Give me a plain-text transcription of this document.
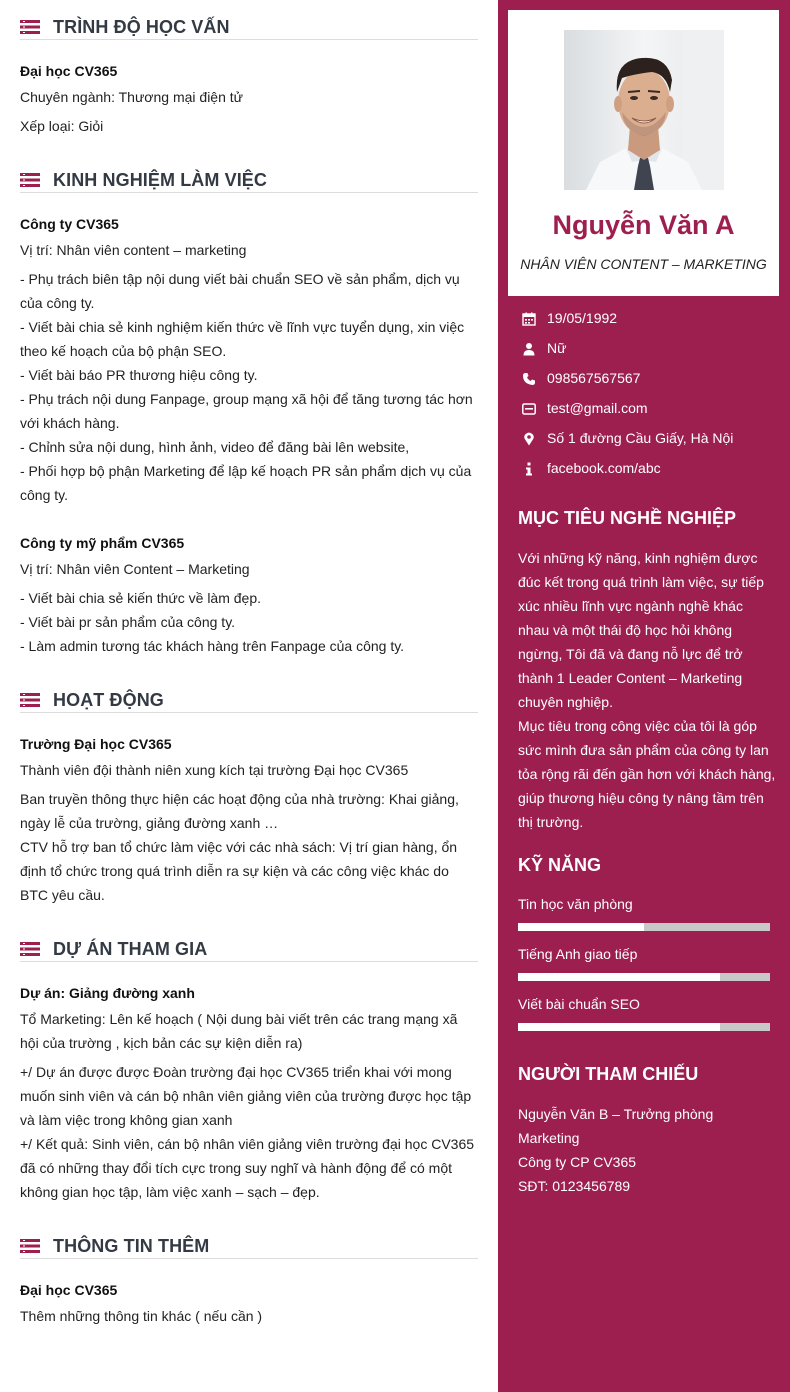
TRÌNH ĐỘ HỌC VẤN
Đại học CV365
Chuyên ngành: Thương mại điện tử
Xếp loại: Giỏi
KINH NGHIỆM LÀM VIỆC
Công ty CV365
Vị trí: Nhân viên content – marketing
- Phụ trách biên tập nội dung viết bài chuẩn SEO về sản phẩm, dịch vụ của công ty.
- Viết bài chia sẻ kinh nghiệm kiến thức về lĩnh vực tuyển dụng, xin việc theo kế hoạch của bộ phận SEO.
- Viết bài báo PR thương hiệu công ty.
- Phụ trách nội dung Fanpage, group mạng xã hội để tăng tương tác hơn với khách hàng.
- Chỉnh sửa nội dung, hình ảnh, video để đăng bài lên website,
- Phối hợp bộ phận Marketing để lập kế hoạch PR sản phẩm dịch vụ của công ty.
Công ty mỹ phẩm CV365
Vị trí: Nhân viên Content – Marketing
- Viết bài chia sẻ kiến thức về làm đẹp.
- Viết bài pr sản phẩm của công ty.
- Làm admin tương tác khách hàng trên Fanpage của công ty.
HOẠT ĐỘNG
Trường Đại học CV365
Thành viên đội thành niên xung kích tại trường Đại học CV365
Ban truyền thông thực hiện các hoạt động của nhà trường: Khai giảng, ngày lễ của trường, giảng đường xanh …
CTV hỗ trợ ban tổ chức làm việc với các nhà sách: Vị trí gian hàng, ổn định tổ chức trong quá trình diễn ra sự kiện và các công việc khác do BTC yêu cầu.
DỰ ÁN THAM GIA
Dự án: Giảng đường xanh
Tổ Marketing: Lên kế hoạch ( Nội dung bài viết trên các trang mạng xã hội của trường , kịch bản các sự kiện diễn ra)
+/ Dự án được được Đoàn trường đại học CV365 triển khai với mong muốn sinh viên và cán bộ nhân viên giảng viên của trường được học tập và làm việc trong không gian xanh
+/ Kết quả: Sinh viên, cán bộ nhân viên giảng viên trường đại học CV365 đã có những thay đổi tích cực trong suy nghĩ và hành động để có một không gian học tập, làm việc xanh – sạch – đẹp.
THÔNG TIN THÊM
Đại học CV365
Thêm những thông tin khác ( nếu cần )
Nguyễn Văn A
NHÂN VIÊN CONTENT – MARKETING
19/05/1992
Nữ
098567567567
test@gmail.com
Số 1 đường Cầu Giấy, Hà Nội
facebook.com/abc
MỤC TIÊU NGHỀ NGHIỆP
Với những kỹ năng, kinh nghiệm được đúc kết trong quá trình làm việc, sự tiếp xúc nhiều lĩnh vực ngành nghề khác nhau và một thái độ học hỏi không ngừng, Tôi đã và đang nỗ lực để trở thành 1 Leader Content – Marketing chuyên nghiệp.
Mục tiêu trong công việc của tôi là góp sức mình đưa sản phẩm của công ty lan tỏa rộng rãi đến gần hơn với khách hàng, giúp thương hiệu công ty nâng tầm trên thị trường.
KỸ NĂNG
Tin học văn phòng
Tiếng Anh giao tiếp
Viết bài chuẩn SEO
NGƯỜI THAM CHIẾU
Nguyễn Văn B – Trưởng phòng Marketing
Công ty CP CV365
SĐT: 0123456789
